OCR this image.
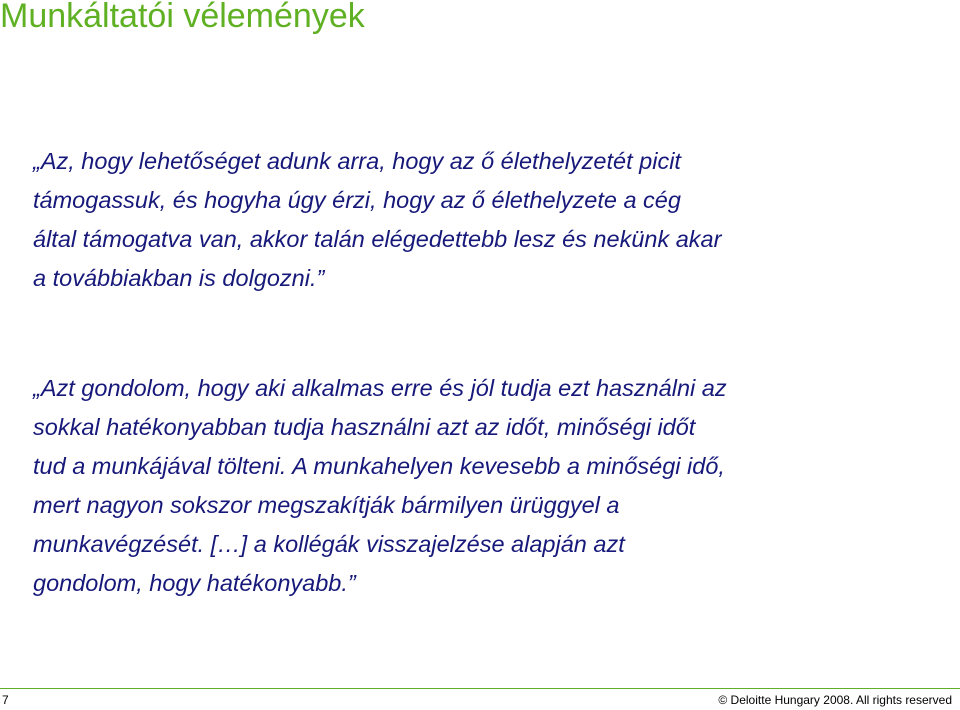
Munkáltatói vélemények

„Az, hogy lehetőséget adunk arra, hogy az ő élethelyzetét picit
támogassuk, és hogyha úgy érzi, hogy az ő élethelyzete a cég
által támogatva van, akkor talán elégedettebb lesz és nekünk akar
a továbbiakban is dolgozni.”

„Azt gondolom, hogy aki alkalmas erre és jól tudja ezt használni az
sokkal hatékonyabban tudja használni azt az időt, minőségi időt
tud a munkájával tölteni. A munkahelyen kevesebb a minőségi idő,
mert nagyon sokszor megszakítják bármilyen ürüggyel a
munkavégzését. […] a kollégák visszajelzése alapján azt
gondolom, hogy hatékonyabb.”

7	© Deloitte Hungary 2008. All rights reserved
